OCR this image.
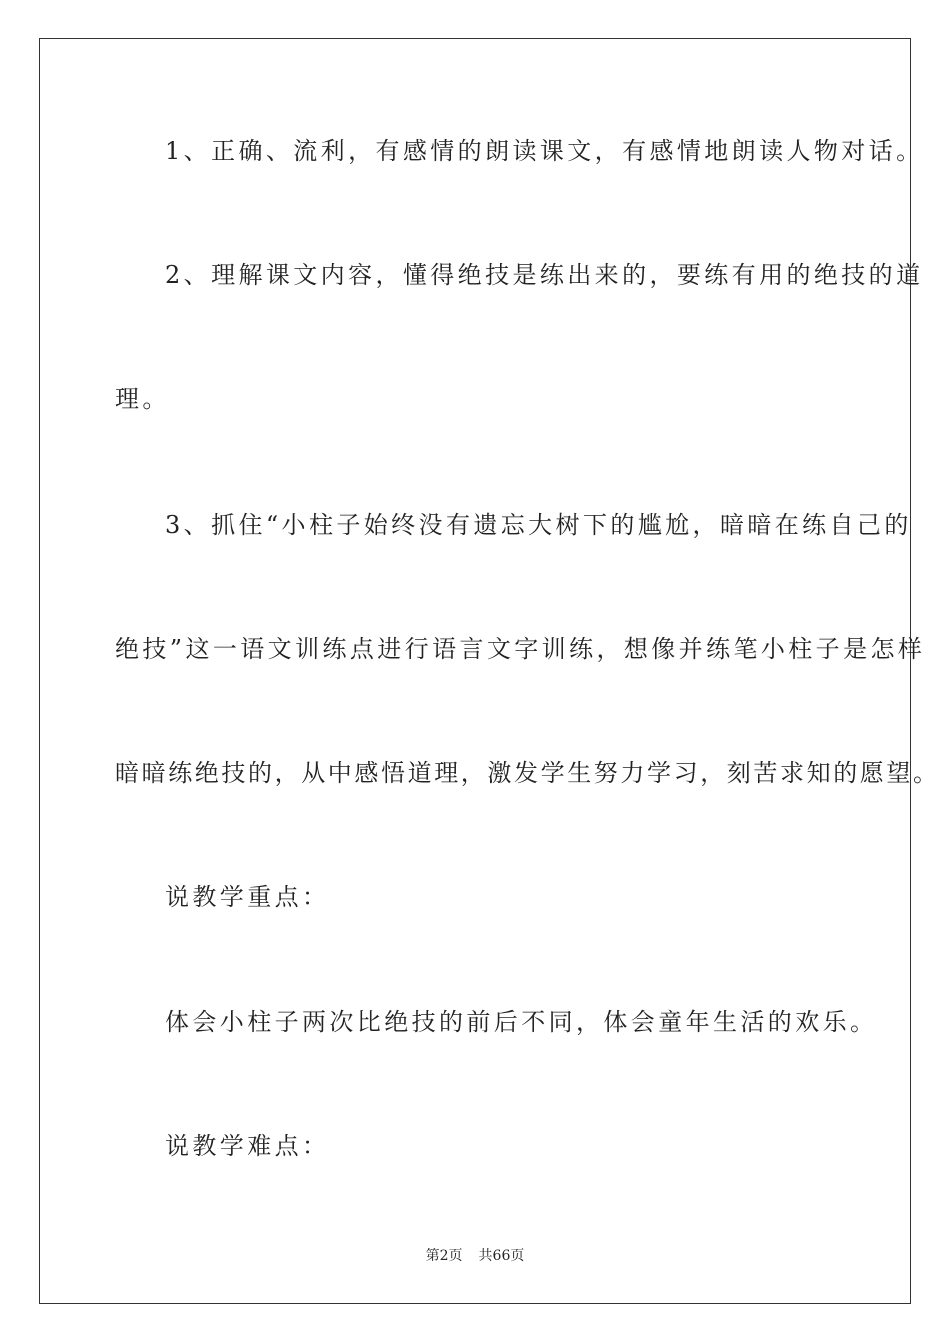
1、正确、流利，有感情的朗读课文，有感情地朗读人物对话。
2、理解课文内容，懂得绝技是练出来的，要练有用的绝技的道
理。
3、抓住“小柱子始终没有遗忘大树下的尴尬，暗暗在练自己的
绝技”这一语文训练点进行语言文字训练，想像并练笔小柱子是怎样
暗暗练绝技的，从中感悟道理，激发学生努力学习，刻苦求知的愿望。
说教学重点：
体会小柱子两次比绝技的前后不同，体会童年生活的欢乐。
说教学难点：
第2页 共66页
